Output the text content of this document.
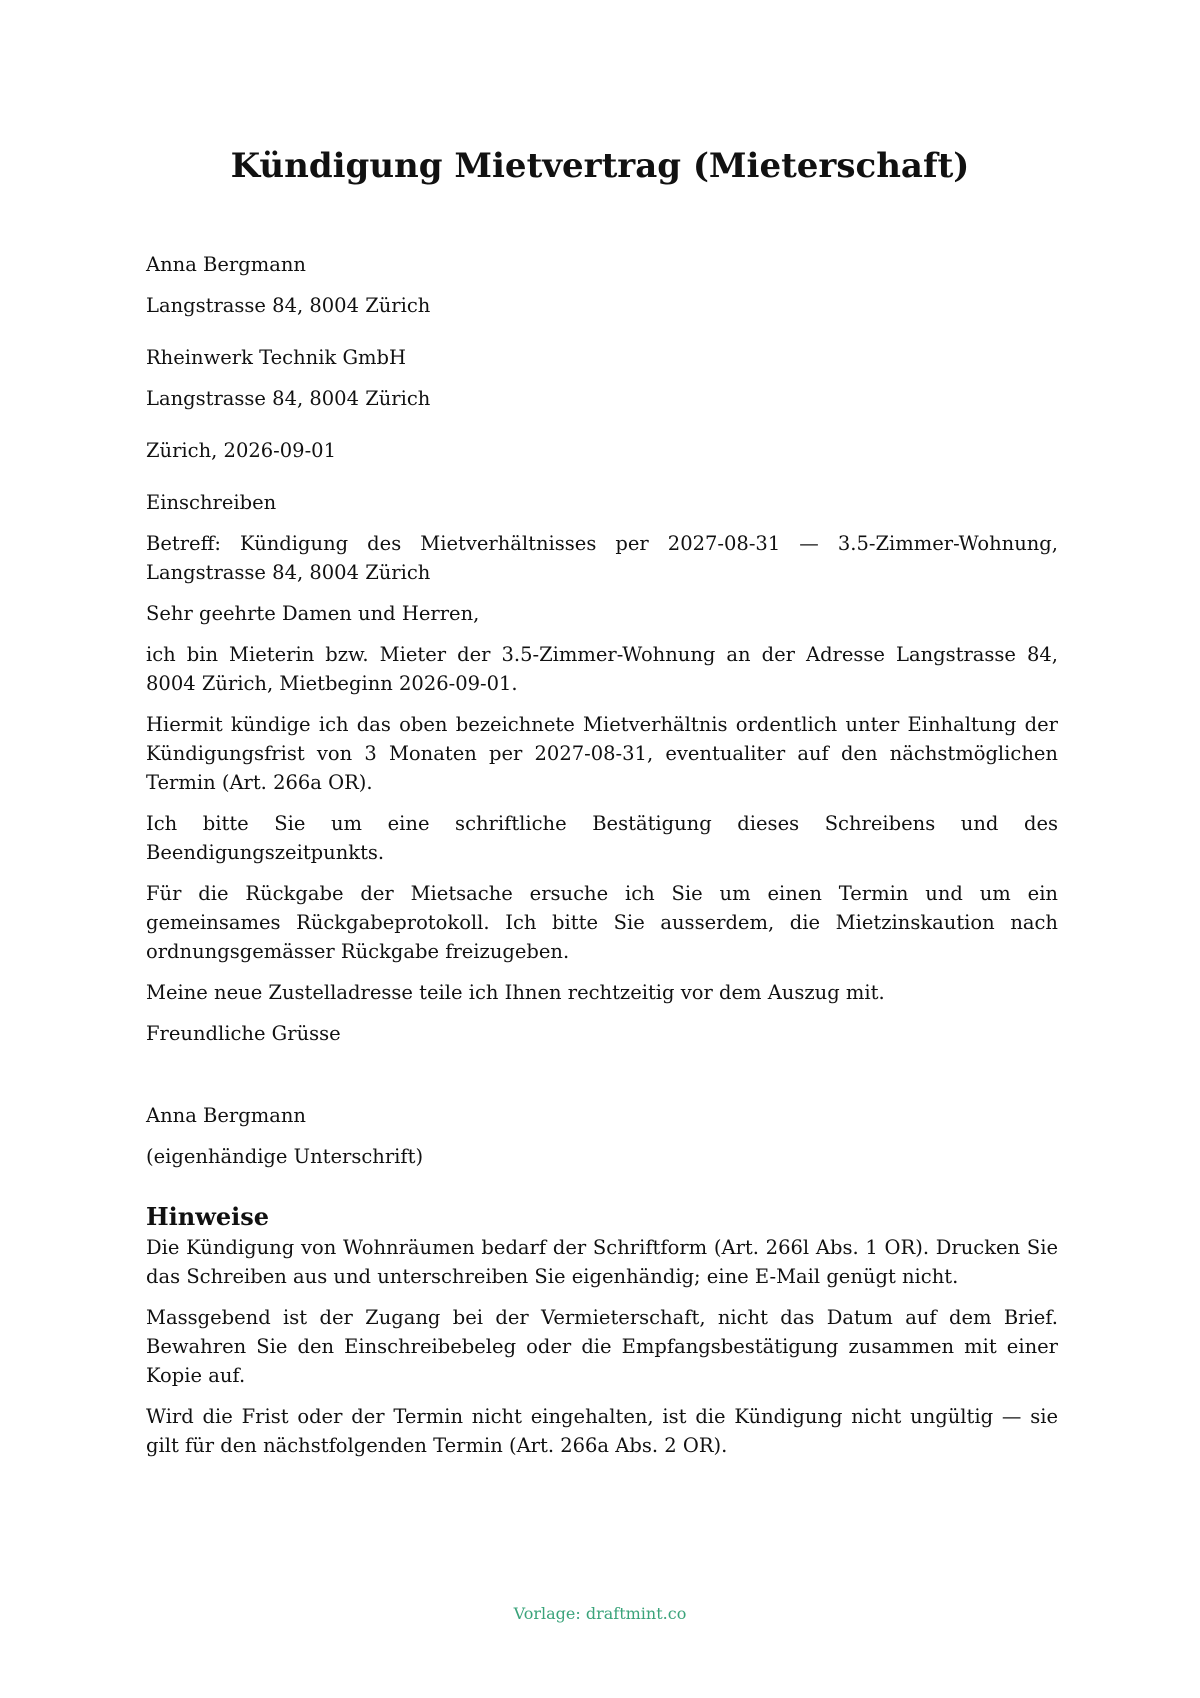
Kündigung Mietvertrag (Mieterschaft)

Anna Bergmann

Langstrasse 84, 8004 Zürich

Rheinwerk Technik GmbH

Langstrasse 84, 8004 Zürich

Zürich, 2026-09-01

Einschreiben

Betreff: Kündigung des Mietverhältnisses per 2027-08-31 — 3.5-Zimmer-Wohnung, Langstrasse 84, 8004 Zürich

Sehr geehrte Damen und Herren,

ich bin Mieterin bzw. Mieter der 3.5-Zimmer-Wohnung an der Adresse Langstrasse 84, 8004 Zürich, Mietbeginn 2026-09-01.

Hiermit kündige ich das oben bezeichnete Mietverhältnis ordentlich unter Einhaltung der Kündigungsfrist von 3 Monaten per 2027-08-31, eventualiter auf den nächstmöglichen Termin (Art. 266a OR).

Ich bitte Sie um eine schriftliche Bestätigung dieses Schreibens und des Beendigungszeitpunkts.

Für die Rückgabe der Mietsache ersuche ich Sie um einen Termin und um ein gemeinsames Rückgabeprotokoll. Ich bitte Sie ausserdem, die Mietzinskaution nach ordnungsgemässer Rückgabe freizugeben.

Meine neue Zustelladresse teile ich Ihnen rechtzeitig vor dem Auszug mit.

Freundliche Grüsse

Anna Bergmann

(eigenhändige Unterschrift)

Hinweise

Die Kündigung von Wohnräumen bedarf der Schriftform (Art. 266l Abs. 1 OR). Drucken Sie das Schreiben aus und unterschreiben Sie eigenhändig; eine E-Mail genügt nicht.

Massgebend ist der Zugang bei der Vermieterschaft, nicht das Datum auf dem Brief. Bewahren Sie den Einschreibebeleg oder die Empfangsbestätigung zusammen mit einer Kopie auf.

Wird die Frist oder der Termin nicht eingehalten, ist die Kündigung nicht ungültig — sie gilt für den nächstfolgenden Termin (Art. 266a Abs. 2 OR).

Vorlage: draftmint.co
